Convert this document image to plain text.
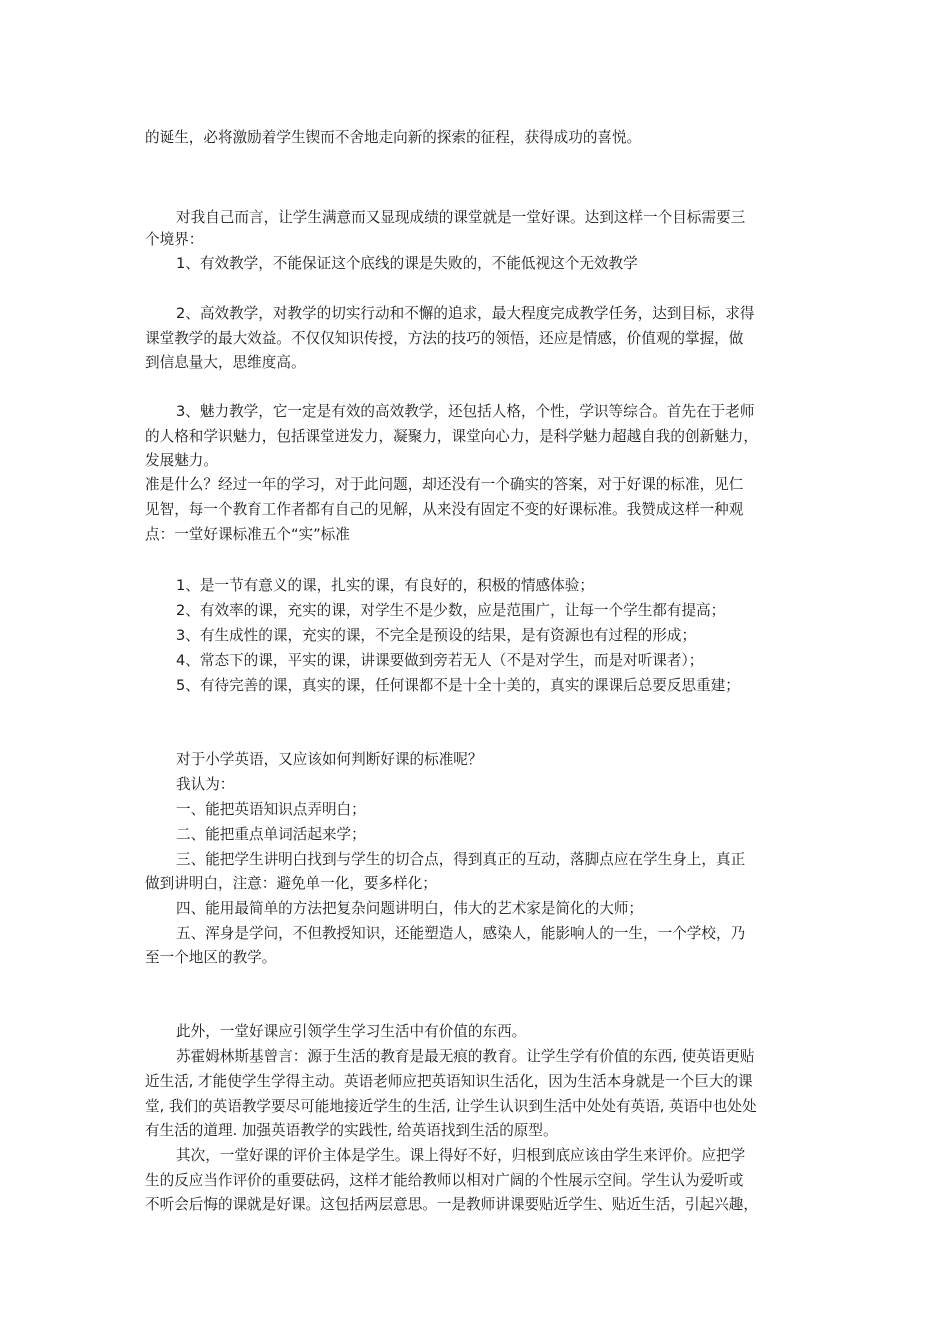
的诞生，必将激励着学生锲而不舍地走向新的探索的征程，获得成功的喜悦。
对我自己而言，让学生满意而又显现成绩的课堂就是一堂好课。达到这样一个目标需要三
个境界：
1、有效教学，不能保证这个底线的课是失败的，不能低视这个无效教学
2、高效教学，对教学的切实行动和不懈的追求，最大程度完成教学任务，达到目标，求得
课堂教学的最大效益。不仅仅知识传授，方法的技巧的领悟，还应是情感，价值观的掌握，做
到信息量大，思维度高。
3、魅力教学，它一定是有效的高效教学，还包括人格，个性，学识等综合。首先在于老师
的人格和学识魅力，包括课堂迸发力，凝聚力，课堂向心力，是科学魅力超越自我的创新魅力，
发展魅力。
准是什么？经过一年的学习，对于此问题，却还没有一个确实的答案，对于好课的标准，见仁
见智，每一个教育工作者都有自己的见解，从来没有固定不变的好课标准。我赞成这样一种观
点：一堂好课标准五个“实”标准
1、是一节有意义的课，扎实的课，有良好的，积极的情感体验；
2、有效率的课，充实的课，对学生不是少数，应是范围广，让每一个学生都有提高；
3、有生成性的课，充实的课，不完全是预设的结果，是有资源也有过程的形成；
4、常态下的课，平实的课，讲课要做到旁若无人（不是对学生，而是对听课者）；
5、有待完善的课，真实的课，任何课都不是十全十美的，真实的课课后总要反思重建；
对于小学英语，又应该如何判断好课的标准呢？
我认为：
一、能把英语知识点弄明白；
二、能把重点单词活起来学；
三、能把学生讲明白找到与学生的切合点，得到真正的互动，落脚点应在学生身上，真正
做到讲明白，注意：避免单一化，要多样化；
四、能用最简单的方法把复杂问题讲明白，伟大的艺术家是简化的大师；
五、浑身是学问，不但教授知识，还能塑造人，感染人，能影响人的一生，一个学校，乃
至一个地区的教学。
此外，一堂好课应引领学生学习生活中有价值的东西。
苏霍姆林斯基曾言：源于生活的教育是最无痕的教育。让学生学有价值的东西, 使英语更贴
近生活, 才能使学生学得主动。英语老师应把英语知识生活化，因为生活本身就是一个巨大的课
堂, 我们的英语教学要尽可能地接近学生的生活, 让学生认识到生活中处处有英语, 英语中也处处
有生活的道理. 加强英语教学的实践性, 给英语找到生活的原型。
其次，一堂好课的评价主体是学生。课上得好不好，归根到底应该由学生来评价。应把学
生的反应当作评价的重要砝码，这样才能给教师以相对广阔的个性展示空间。学生认为爱听或
不听会后悔的课就是好课。这包括两层意思。一是教师讲课要贴近学生、贴近生活，引起兴趣，
